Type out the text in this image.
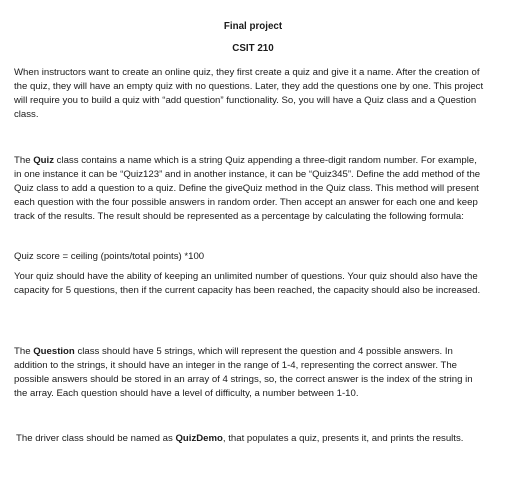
Final project
CSIT 210

When instructors want to create an online quiz, they first create a quiz and give it a name. After the creation of the quiz, they will have an empty quiz with no questions. Later, they add the questions one by one. This project will require you to build a quiz with “add question” functionality. So, you will have a Quiz class and a Question class.

The Quiz class contains a name which is a string Quiz appending a three-digit random number. For example, in one instance it can be “Quiz123” and in another instance, it can be “Quiz345”. Define the add method of the Quiz class to add a question to a quiz. Define the giveQuiz method in the Quiz class. This method will present each question with the four possible answers in random order. Then accept an answer for each one and keep track of the results. The result should be represented as a percentage by calculating the following formula:

Quiz score = ceiling (points/total points) *100

Your quiz should have the ability of keeping an unlimited number of questions. Your quiz should also have the capacity for 5 questions, then if the current capacity has been reached, the capacity should also be increased.

The Question class should have 5 strings, which will represent the question and 4 possible answers. In addition to the strings, it should have an integer in the range of 1-4, representing the correct answer. The possible answers should be stored in an array of 4 strings, so, the correct answer is the index of the string in the array. Each question should have a level of difficulty, a number between 1-10.

The driver class should be named as QuizDemo, that populates a quiz, presents it, and prints the results.
